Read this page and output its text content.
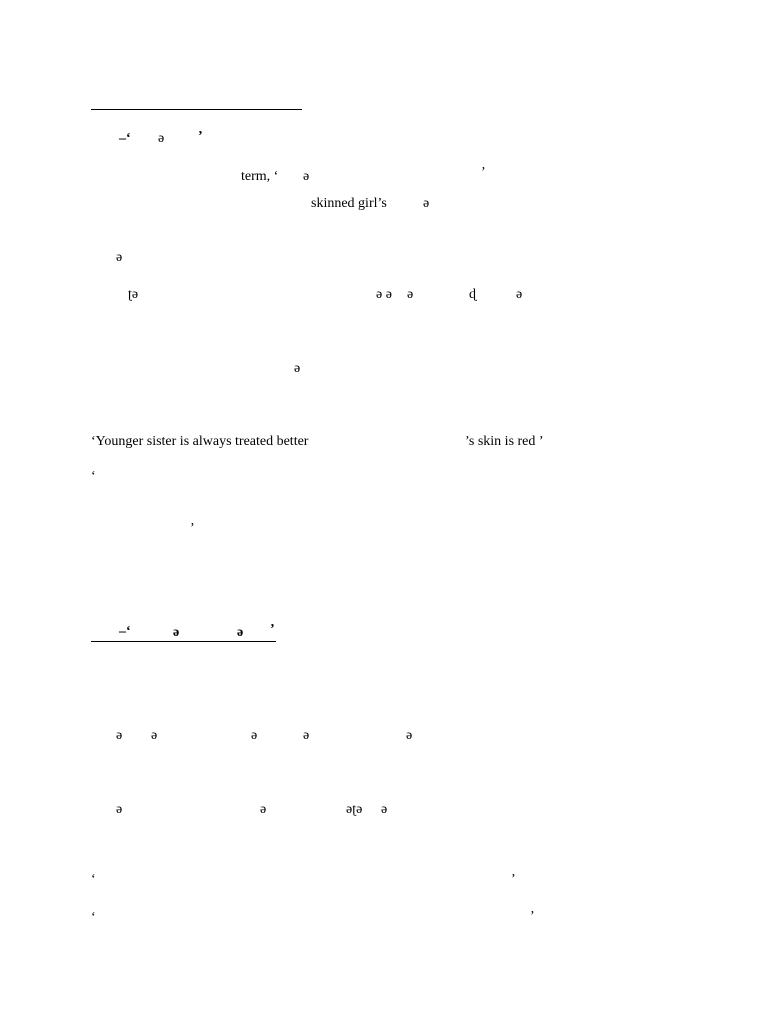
–‘ ə ’
term, ‘ ə	’
skinned girl’s	ə
ə
ʈə	ə ə ə	ɖ	ə
ə
‘Younger sister is always treated better	’s skin is red ’
‘
’
–‘	ə	ə ’
ə ə	ə	ə	ə
ə	ə	əʈə ə
‘	’
‘	’
